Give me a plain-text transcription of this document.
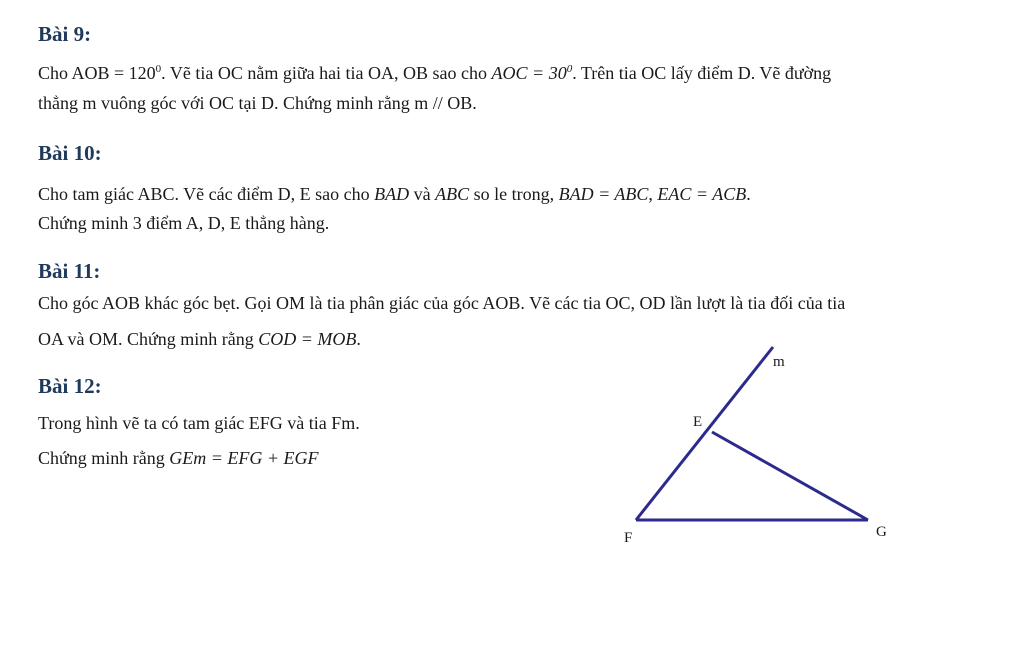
Bài 9:

Cho AOB = $120^0$. Vẽ tia OC nằm giữa hai tia OA, OB sao cho AOC = $30^0$. Trên tia OC lấy điểm D. Vẽ đường

thẳng m vuông góc với OC tại D. Chứng minh rằng m // OB.

Bài 10:

Cho tam giác ABC. Vẽ các điểm D, E sao cho BAD và ABC so le trong, BAD = ABC, EAC = ACB.

Chứng minh 3 điểm A, D, E thẳng hàng.

Bài 11:

Cho góc AOB khác góc bẹt. Gọi OM là tia phân giác của góc AOB. Vẽ các tia OC, OD lần lượt là tia đối của tia

OA và OM. Chứng minh rằng COD = MOB.

Bài 12:

Trong hình vẽ ta có tam giác EFG và tia Fm.

Chứng minh rằng GEm = EFG + EGF

m
E
F	G
